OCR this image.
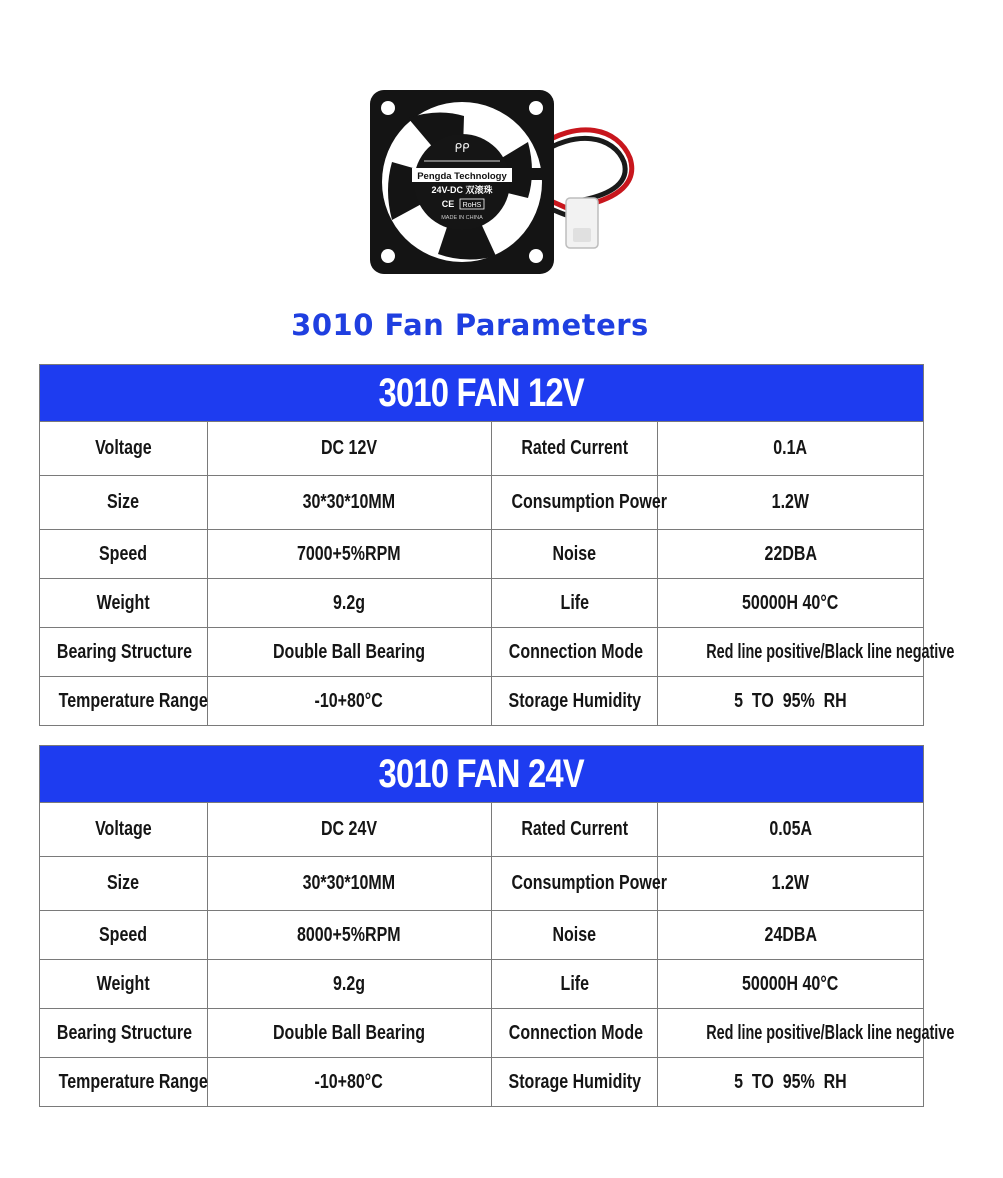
ᑭᑭ
Pengda Technology
24V-DC 双滚珠
CE RoHS
MADE IN CHINA
3010 Fan Parameters
3010 FAN 12V			
Voltage	DC 12V	Rated Current	0.1A
Size	30*30*10MM	Consumption Power	1.2W
Speed	7000+5%RPM	Noise	22DBA
Weight	9.2g	Life	50000H 40°C
Bearing Structure	Double Ball Bearing	Connection Mode	Red line positive/Black line negative
Temperature Range	-10+80°C	Storage Humidity	5  TO  95%  RH
3010 FAN 24V			
Voltage	DC 24V	Rated Current	0.05A
Size	30*30*10MM	Consumption Power	1.2W
Speed	8000+5%RPM	Noise	24DBA
Weight	9.2g	Life	50000H 40°C
Bearing Structure	Double Ball Bearing	Connection Mode	Red line positive/Black line negative
Temperature Range	-10+80°C	Storage Humidity	5  TO  95%  RH
